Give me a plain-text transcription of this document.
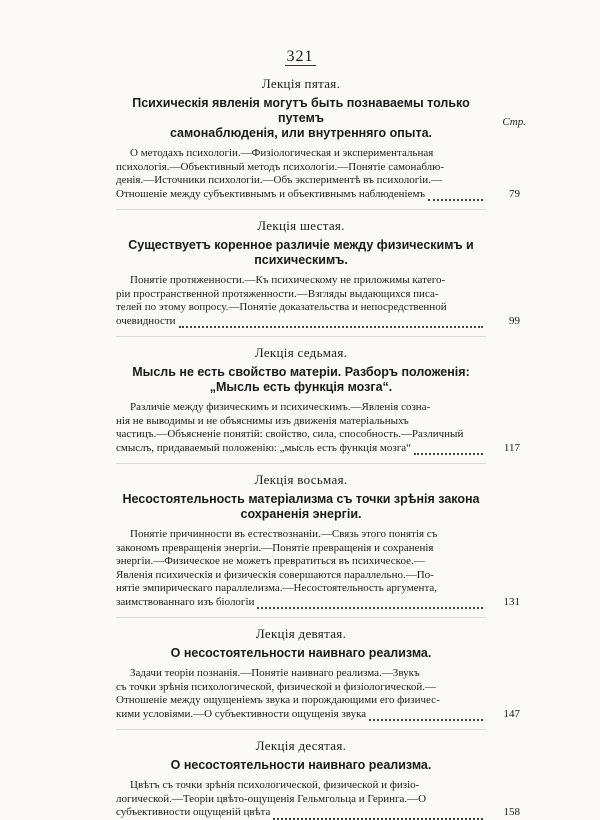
321
Стр.
Лекція пятая.
Психическія явленія могутъ быть познаваемы только путемъ
самонаблюденія, или внутренняго опыта.
О методахъ психологіи.—Физіологическая и экспериментальная
психологія.—Объективный методъ психологіи.—Понятіе самонаблю-
денія.—Источники психологіи.—Объ экспериментѣ въ психологіи.—
Отношеніе между субъективнымъ и объективнымъ наблюденіемъ	79
Лекція шестая.
Существуетъ коренное различіе между физическимъ и
психическимъ.
Понятіе протяженности.—Къ психическому не приложимы катего-
ріи пространственной протяженности.—Взгляды выдающихся писа-
телей по этому вопросу.—Понятіе доказательства и непосредственной
очевидности	99
Лекція седьмая.
Мысль не есть свойство матеріи. Разборъ положенія:
„Мысль есть функція мозга“.
Различіе между физическимъ и психическимъ.—Явленія созна-
нія не выводимы и не объяснимы изъ движенія матеріальныхъ
частицъ.—Объясненіе понятій: свойство, сила, способность.—Различный
смыслъ, придаваемый положенію: „мысль есть функція мозга“	117
Лекція восьмая.
Несостоятельность матеріализма съ точки зрѣнія закона
сохраненія энергіи.
Понятіе причинности въ естествознаніи.—Связь этого понятія съ
закономъ превращенія энергіи.—Понятіе превращенія и сохраненія
энергіи.—Физическое не можетъ превратиться въ психическое.—
Явленія психическія и физическія совершаются параллельно.—По-
нятіе эмпирическаго параллелизма.—Несостоятельность аргумента,
заимствованнаго изъ біологіи	131
Лекція девятая.
О несостоятельности наивнаго реализма.
Задачи теоріи познанія.—Понятіе наивнаго реализма.—Звукъ
съ точки зрѣнія психологической, физической и физіологической.—
Отношеніе между ощущеніемъ звука и порождающими его физичес-
кими условіями.—О субъективности ощущенія звука	147
Лекція десятая.
О несостоятельности наивнаго реализма.
Цвѣтъ съ точки зрѣнія психологической, физической и физіо-
логической.—Теоріи цвѣто-ощущенія Гельмгольца и Геринга.—О
субъективности ощущеній цвѣта	158
